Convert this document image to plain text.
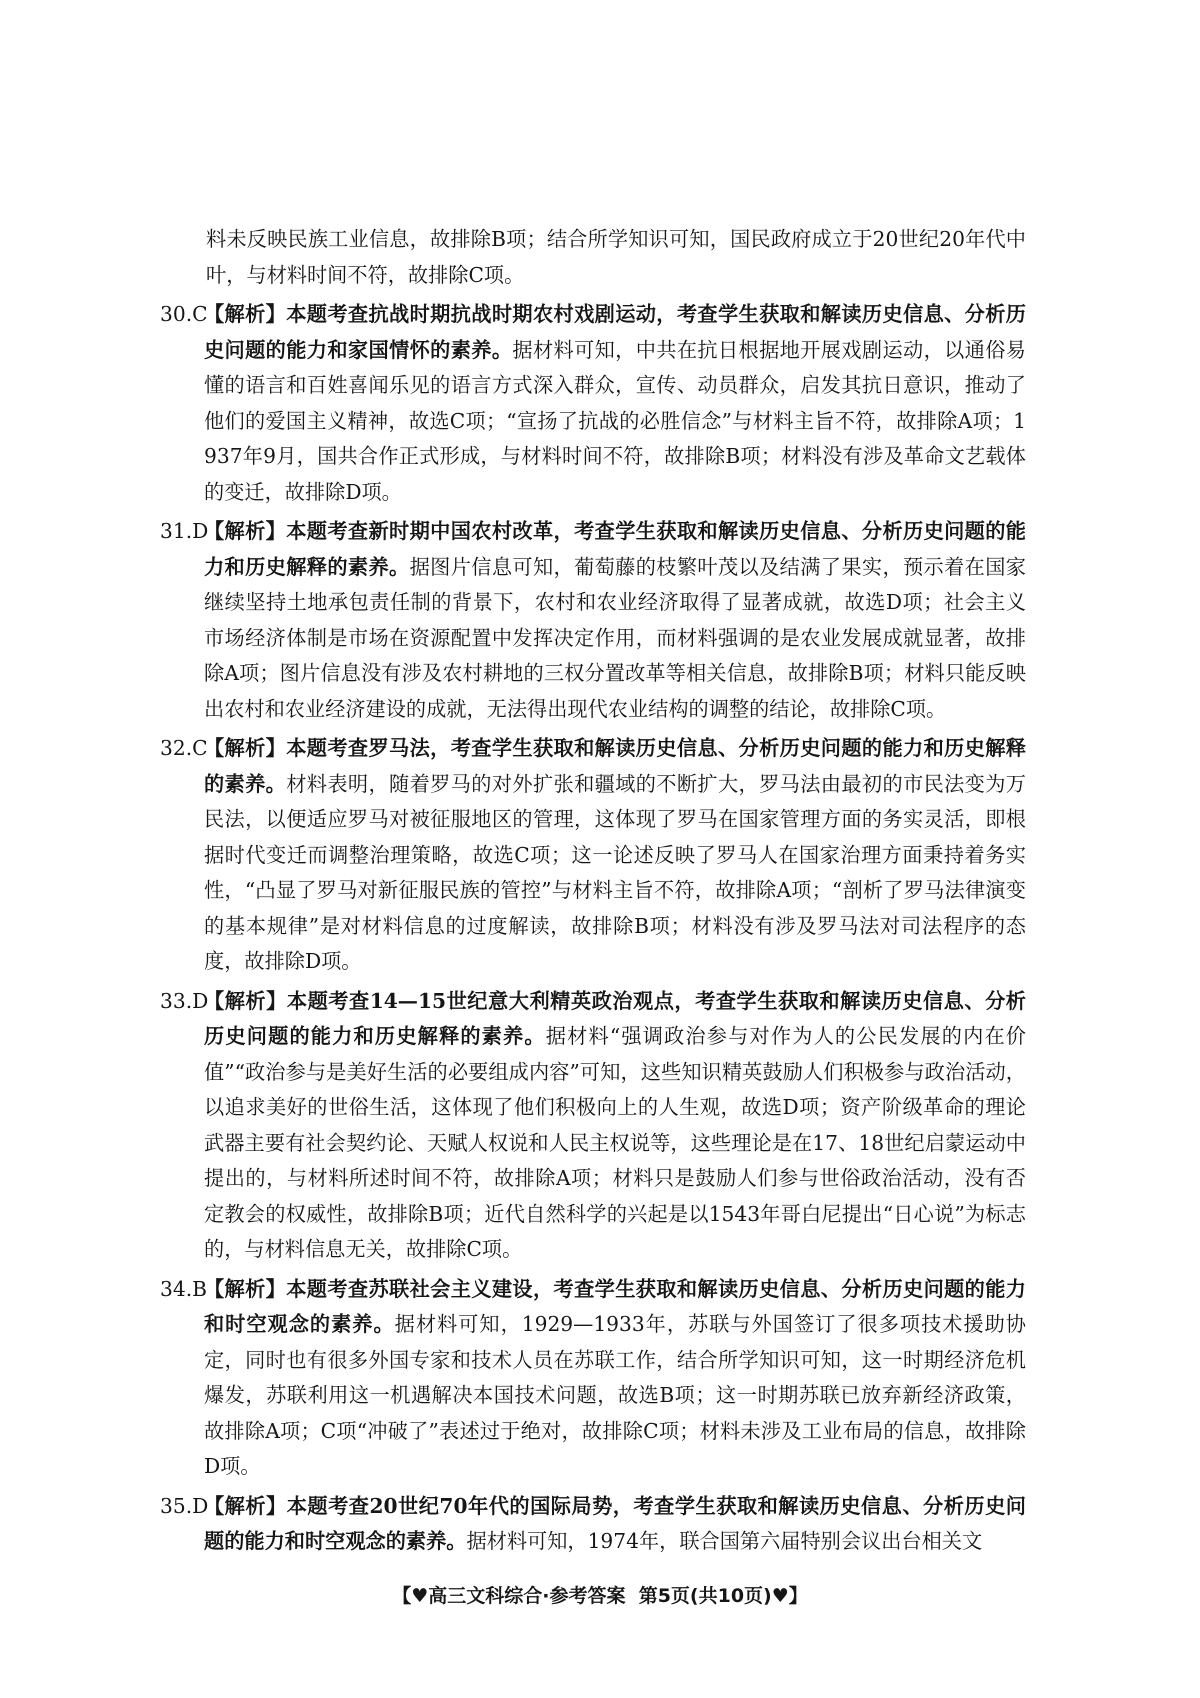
料未反映民族工业信息，故排除B项；结合所学知识可知，国民政府成立于20世纪20年代中叶，与材料时间不符，故排除C项。

30.C

【解析】本题考查抗战时期抗战时期农村戏剧运动，考查学生获取和解读历史信息、分析历史问题的能力和家国情怀的素养。据材料可知，中共在抗日根据地开展戏剧运动，以通俗易懂的语言和百姓喜闻乐见的语言方式深入群众，宣传、动员群众，启发其抗日意识，推动了他们的爱国主义精神，故选C项；“宣扬了抗战的必胜信念”与材料主旨不符，故排除A项；1937年9月，国共合作正式形成，与材料时间不符，故排除B项；材料没有涉及革命文艺载体的变迁，故排除D项。

31.D

【解析】本题考查新时期中国农村改革，考查学生获取和解读历史信息、分析历史问题的能力和历史解释的素养。据图片信息可知，葡萄藤的枝繁叶茂以及结满了果实，预示着在国家继续坚持土地承包责任制的背景下，农村和农业经济取得了显著成就，故选D项；社会主义市场经济体制是市场在资源配置中发挥决定作用，而材料强调的是农业发展成就显著，故排除A项；图片信息没有涉及农村耕地的三权分置改革等相关信息，故排除B项；材料只能反映出农村和农业经济建设的成就，无法得出现代农业结构的调整的结论，故排除C项。

32.C

【解析】本题考查罗马法，考查学生获取和解读历史信息、分析历史问题的能力和历史解释的素养。材料表明，随着罗马的对外扩张和疆域的不断扩大，罗马法由最初的市民法变为万民法，以便适应罗马对被征服地区的管理，这体现了罗马在国家管理方面的务实灵活，即根据时代变迁而调整治理策略，故选C项；这一论述反映了罗马人在国家治理方面秉持着务实性，“凸显了罗马对新征服民族的管控”与材料主旨不符，故排除A项；“剖析了罗马法律演变的基本规律”是对材料信息的过度解读，故排除B项；材料没有涉及罗马法对司法程序的态度，故排除D项。

33.D

【解析】本题考查14—15世纪意大利精英政治观点，考查学生获取和解读历史信息、分析历史问题的能力和历史解释的素养。据材料“强调政治参与对作为人的公民发展的内在价值”“政治参与是美好生活的必要组成内容”可知，这些知识精英鼓励人们积极参与政治活动，以追求美好的世俗生活，这体现了他们积极向上的人生观，故选D项；资产阶级革命的理论武器主要有社会契约论、天赋人权说和人民主权说等，这些理论是在17、18世纪启蒙运动中提出的，与材料所述时间不符，故排除A项；材料只是鼓励人们参与世俗政治活动，没有否定教会的权威性，故排除B项；近代自然科学的兴起是以1543年哥白尼提出“日心说”为标志的，与材料信息无关，故排除C项。

34.B

【解析】本题考查苏联社会主义建设，考查学生获取和解读历史信息、分析历史问题的能力和时空观念的素养。据材料可知，1929—1933年，苏联与外国签订了很多项技术援助协定，同时也有很多外国专家和技术人员在苏联工作，结合所学知识可知，这一时期经济危机爆发，苏联利用这一机遇解决本国技术问题，故选B项；这一时期苏联已放弃新经济政策，故排除A项；C项“冲破了”表述过于绝对，故排除C项；材料未涉及工业布局的信息，故排除D项。

35.D

【解析】本题考查20世纪70年代的国际局势，考查学生获取和解读历史信息、分析历史问题的能力和时空观念的素养。据材料可知，1974年，联合国第六届特别会议出台相关文

【♥高三文科综合·参考答案 第5页(共10页)♥】
